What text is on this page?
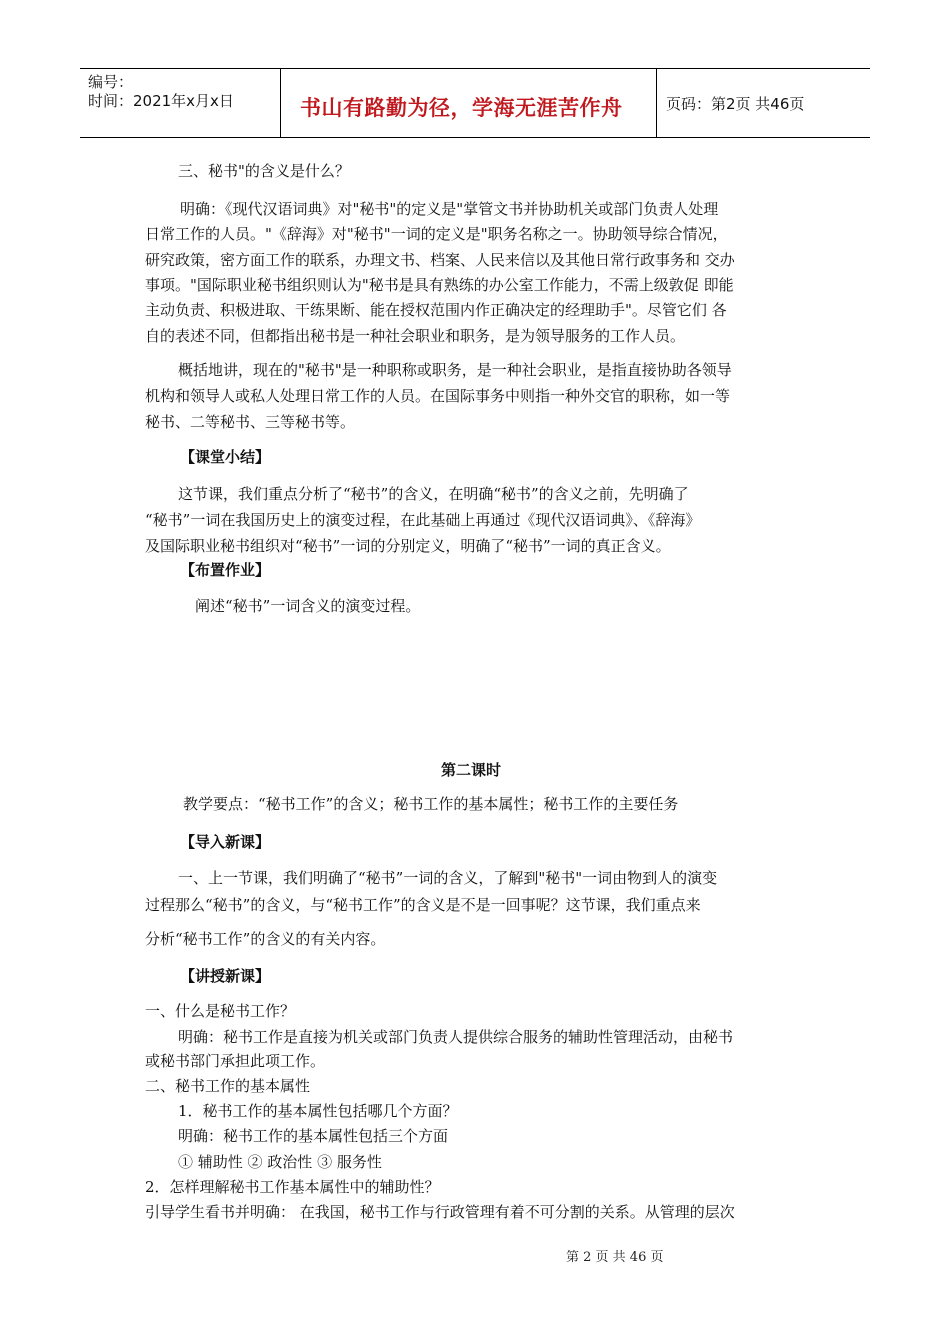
编号：
时间：2021年x月x日	书山有路勤为径，学海无涯苦作舟	页码：第2页 共46页
三、秘书"的含义是什么？
明确：《现代汉语词典》对"秘书"的定义是"掌管文书并协助机关或部门负责人处理
日常工作的人员。"《辞海》对"秘书"一词的定义是"职务名称之一。协助领导综合情况，
研究政策，密方面工作的联系，办理文书、档案、人民来信以及其他日常行政事务和 交办
事项。"国际职业秘书组织则认为"秘书是具有熟练的办公室工作能力，不需上级敦促 即能
主动负责、积极进取、干练果断、能在授权范围内作正确决定的经理助手"。尽管它们 各
自的表述不同，但都指出秘书是一种社会职业和职务，是为领导服务的工作人员。
概括地讲，现在的"秘书"是一种职称或职务，是一种社会职业，是指直接协助各领导
机构和领导人或私人处理日常工作的人员。在国际事务中则指一种外交官的职称，如一等
秘书、二等秘书、三等秘书等。
【课堂小结】
这节课，我们重点分析了“秘书”的含义，在明确“秘书”的含义之前，先明确了
“秘书”一词在我国历史上的演变过程，在此基础上再通过《现代汉语词典》、《辞海》
及国际职业秘书组织对“秘书”一词的分别定义，明确了“秘书”一词的真正含义。
【布置作业】
阐述“秘书”一词含义的演变过程。
第二课时
教学要点：“秘书工作”的含义；秘书工作的基本属性；秘书工作的主要任务
【导入新课】
一、上一节课，我们明确了“秘书”一词的含义，了解到"秘书"一词由物到人的演变
过程那么“秘书”的含义，与“秘书工作”的含义是不是一回事呢？这节课，我们重点来
分析“秘书工作”的含义的有关内容。
【讲授新课】
一、什么是秘书工作？
明确：秘书工作是直接为机关或部门负责人提供综合服务的辅助性管理活动，由秘书
或秘书部门承担此项工作。
二、秘书工作的基本属性
1．秘书工作的基本属性包括哪几个方面？
明确：秘书工作的基本属性包括三个方面
① 辅助性 ② 政治性 ③ 服务性
2．怎样理解秘书工作基本属性中的辅助性？
引导学生看书并明确： 在我国，秘书工作与行政管理有着不可分割的关系。从管理的层次
第 2 页 共 46 页
